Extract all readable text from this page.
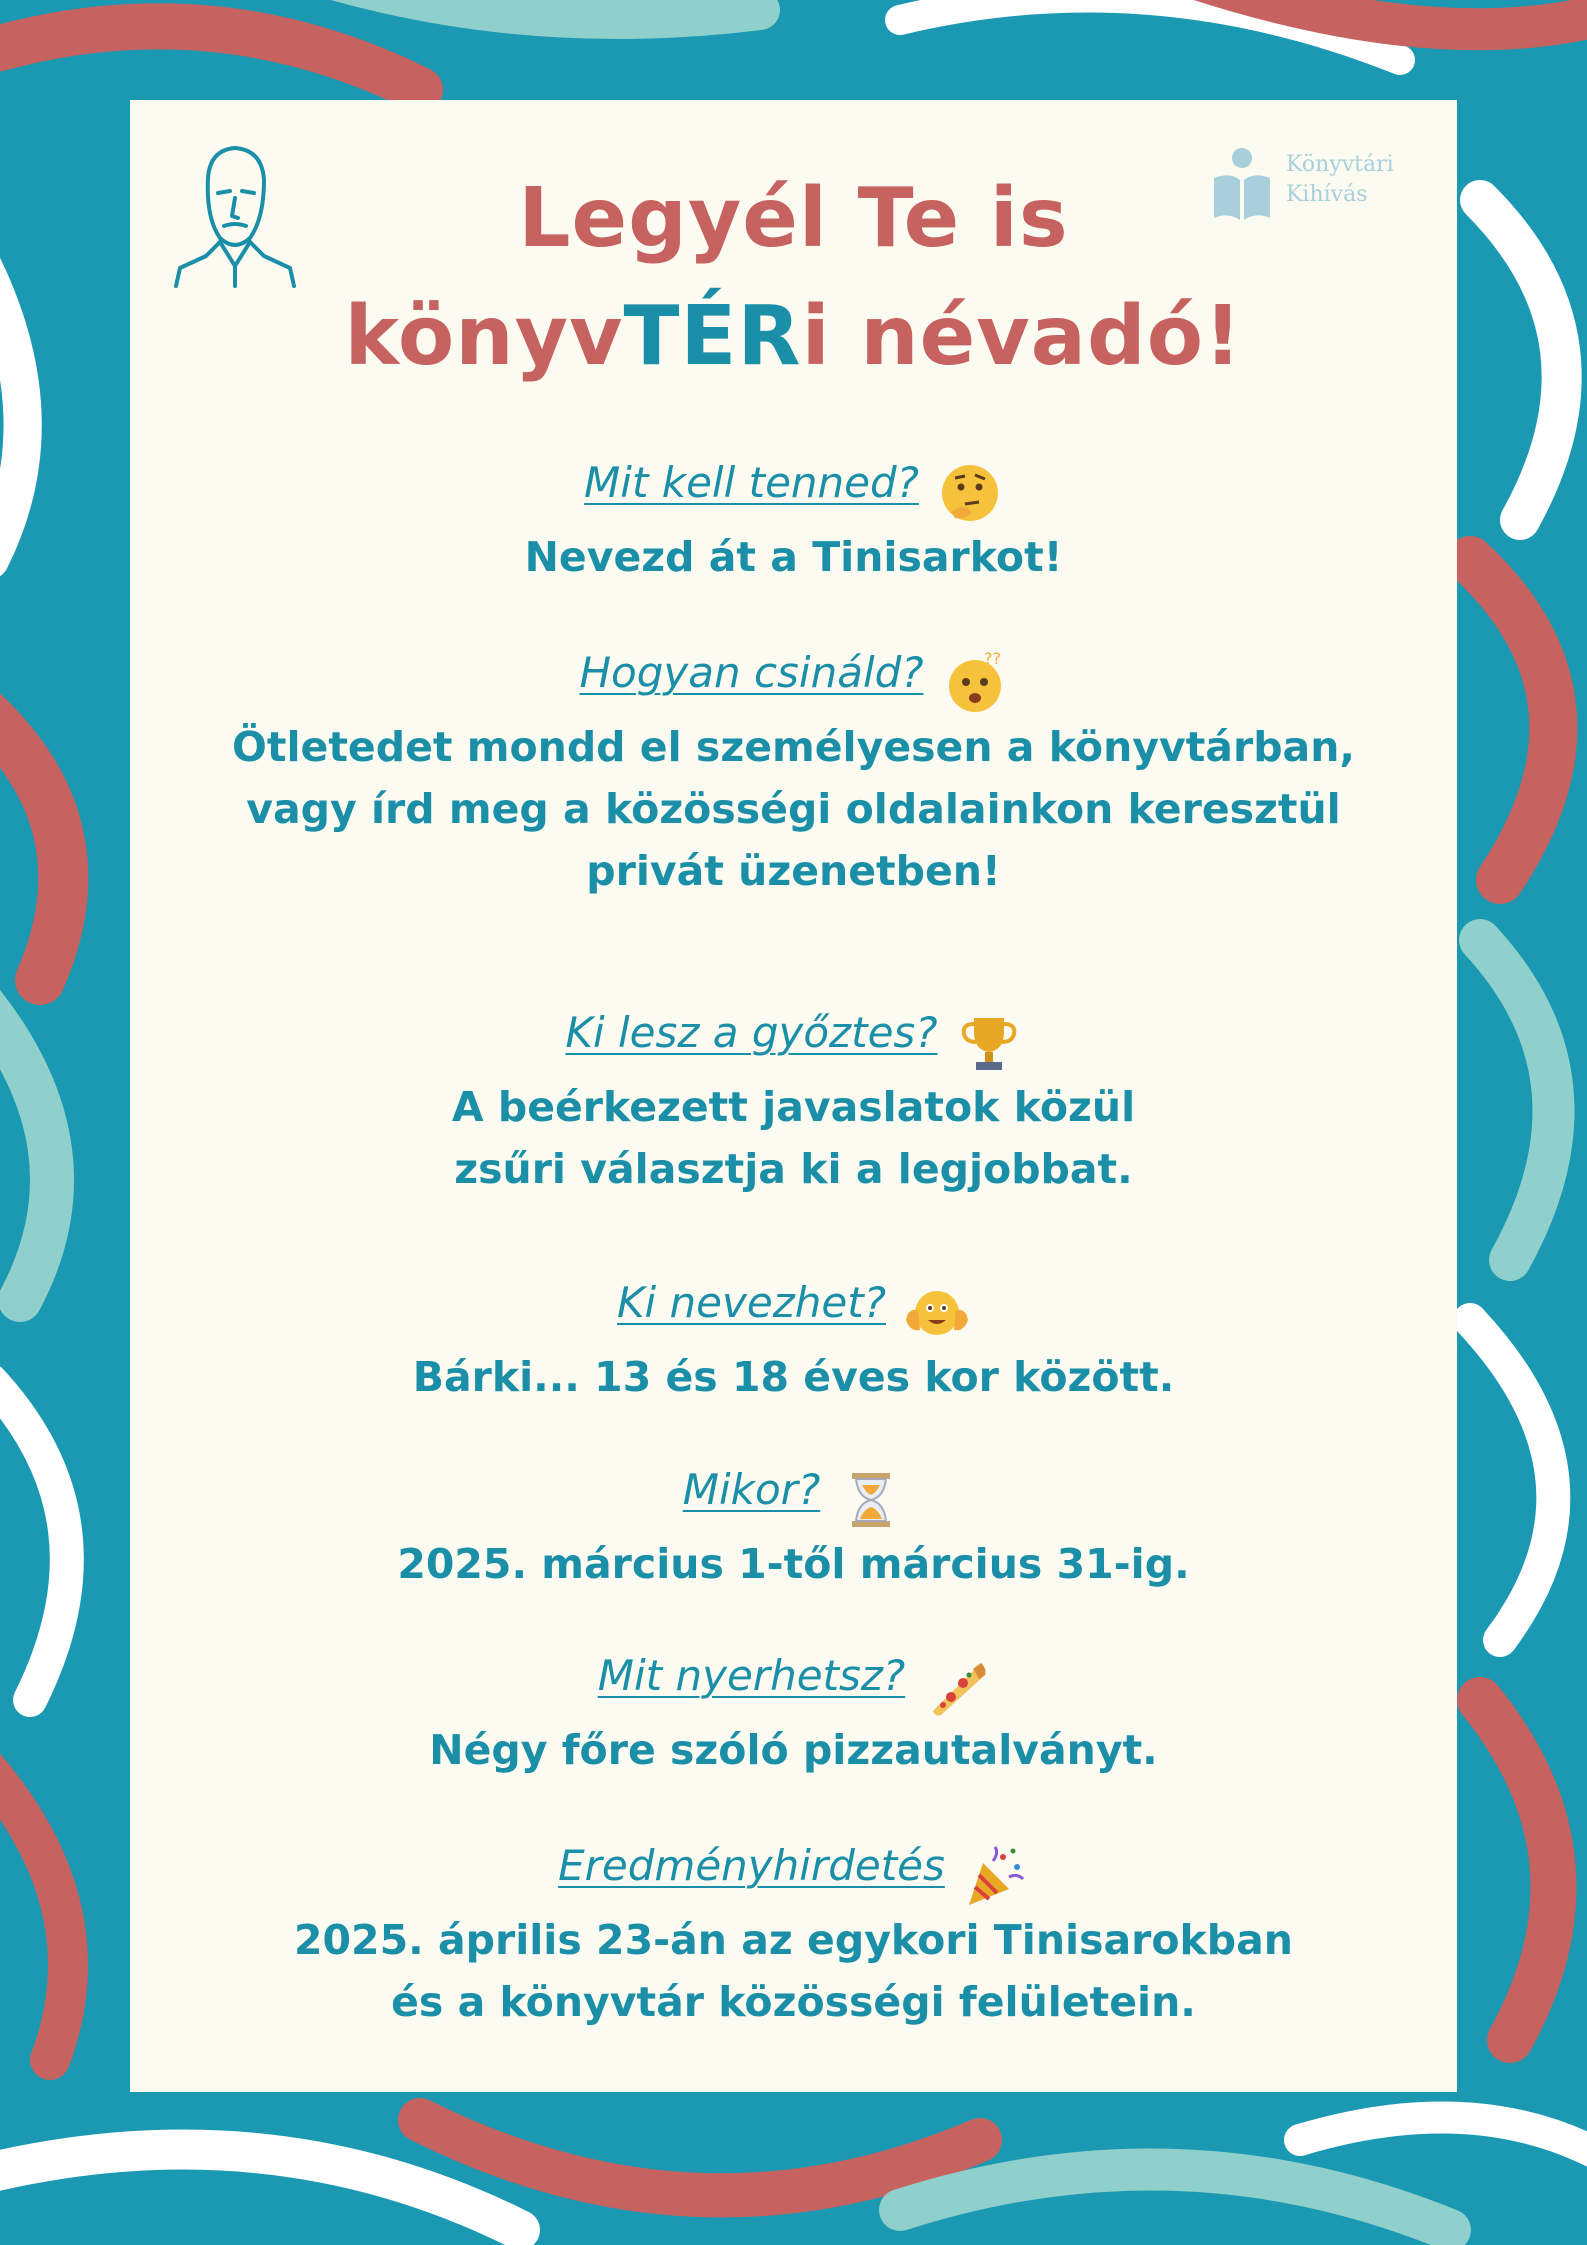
Könyvtári
Kihívás
Legyél Te is
könyvTÉRi névadó!
Mit kell tenned?
Nevezd át a Tinisarkot!
Hogyan csináld?	??
Ötletedet mondd el személyesen a könyvtárban,
vagy írd meg a közösségi oldalainkon keresztül
privát üzenetben!
Ki lesz a győztes?
A beérkezett javaslatok közül
zsűri választja ki a legjobbat.
Ki nevezhet?
Bárki... 13 és 18 éves kor között.
Mikor?
2025. március 1-től március 31-ig.
Mit nyerhetsz?
Négy főre szóló pizzautalványt.
Eredményhirdetés
2025. április 23-án az egykori Tinisarokban
és a könyvtár közösségi felületein.
